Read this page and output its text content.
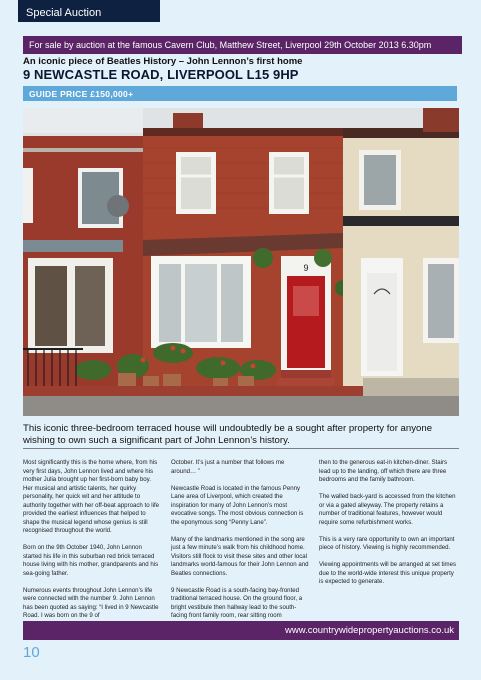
Special Auction
For sale by auction at the famous Cavern Club, Matthew Street, Liverpool 29th October 2013 6.30pm
An iconic piece of Beatles History – John Lennon’s first home
9 NEWCASTLE ROAD, LIVERPOOL L15 9HP
GUIDE PRICE £150,000+
9
This iconic three-bedroom terraced house will undoubtedly be a sought after property for anyone wishing to own such a significant part of John Lennon’s history.

Most significantly this is the home where, from his very first days, John Lennon lived and where his mother Julia brought up her first-born baby boy. Her musical and artistic talents, her quirky personality, her quick wit and her attitude to authority together with her off-beat approach to life provided the earliest influences that helped to shape the musical legend whose genius is still recognised throughout the world.

Born on the 9th October 1940, John Lennon started his life in this suburban red brick terraced house living with his mother, grandparents and his sea-going father.

Numerous events throughout John Lennon’s life were connected with the number 9. John Lennon has been quoted as saying: “I lived in 9 Newcastle Road. I was born on the 9 of

October. It’s just a number that follows me around… ”

Newcastle Road is located in the famous Penny Lane area of Liverpool, which created the inspiration for many of John Lennon’s most evocative songs. The most obvious connection is the eponymous song “Penny Lane”.

Many of the landmarks mentioned in the song are just a few minute’s walk from his childhood home. Visitors still flock to visit these sites and other local landmarks world-famous for their John Lennon and Beatles connections.

9 Newcastle Road is a south-facing bay-fronted traditional terraced house. On the ground floor, a bright vestibule then hallway lead to the south-facing front family room, rear sitting room

then to the generous eat-in kitchen-diner. Stairs lead up to the landing, off which there are three bedrooms and the family bathroom.

The walled back-yard is accessed from the kitchen or via a gated alleyway. The property retains a number of traditional features, however would require some refurbishment works.

This is a very rare opportunity to own an important piece of history. Viewing is highly recommended.

Viewing appointments will be arranged at set times due to the world-wide interest this unique property is expected to generate.

www.countrywidepropertyauctions.co.uk
10
